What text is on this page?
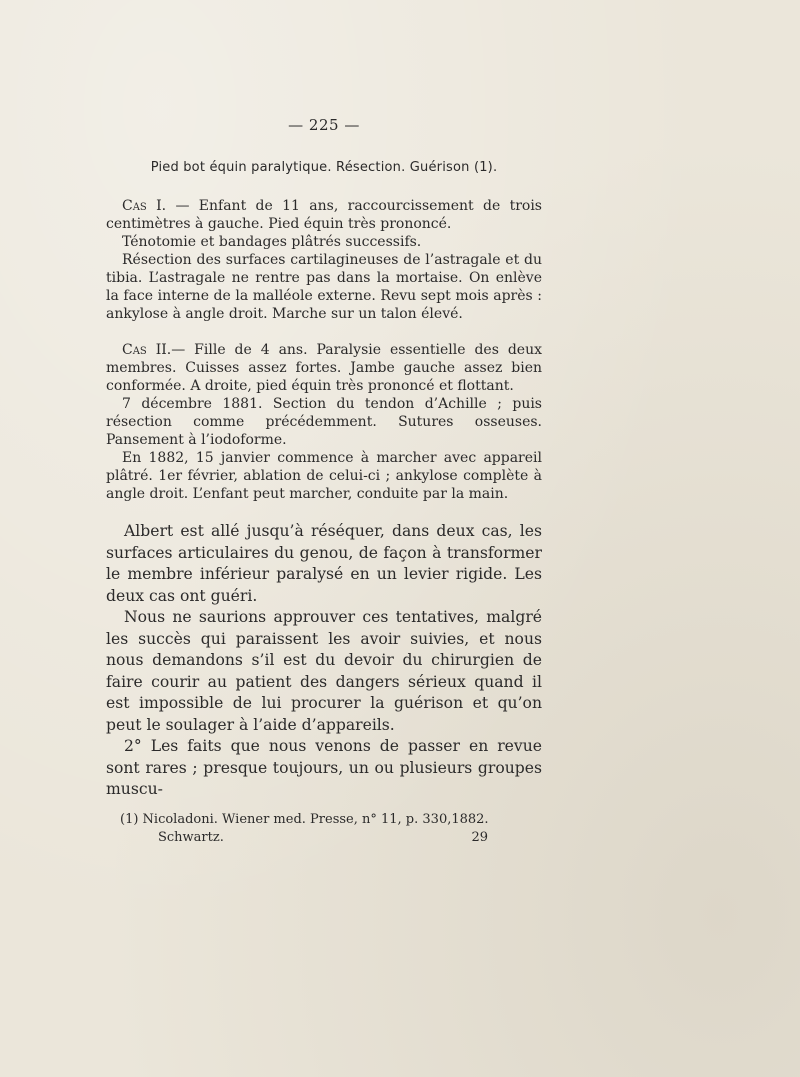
— 225 —
Pied bot équin paralytique. Résection. Guérison (1).

Cas I. — Enfant de 11 ans, raccourcissement de trois centimètres à gauche. Pied équin très prononcé.

Ténotomie et bandages plâtrés successifs.

Résection des surfaces cartilagineuses de l’astragale et du tibia. L’astragale ne rentre pas dans la mortaise. On enlève la face interne de la malléole externe. Revu sept mois après : ankylose à angle droit. Marche sur un talon élevé.

Cas II.— Fille de 4 ans. Paralysie essentielle des deux membres. Cuisses assez fortes. Jambe gauche assez bien conformée. A droite, pied équin très prononcé et flottant.

7 décembre 1881. Section du tendon d’Achille ; puis résection comme précédemment. Sutures osseuses. Pansement à l’iodoforme.

En 1882, 15 janvier commence à marcher avec appareil plâtré. 1er février, ablation de celui-ci ; ankylose complète à angle droit. L’enfant peut marcher, conduite par la main.

Albert est allé jusqu’à réséquer, dans deux cas, les surfaces articulaires du genou, de façon à transformer le membre inférieur paralysé en un levier rigide. Les deux cas ont guéri.

Nous ne saurions approuver ces tentatives, malgré les succès qui paraissent les avoir suivies, et nous nous demandons s’il est du devoir du chirurgien de faire courir au patient des dangers sérieux quand il est impossible de lui procurer la guérison et qu’on peut le soulager à l’aide d’appareils.

2° Les faits que nous venons de passer en revue sont rares ; presque toujours, un ou plusieurs groupes muscu-

(1) Nicoladoni. Wiener med. Presse, n° 11, p. 330,1882.
Schwartz.	29
